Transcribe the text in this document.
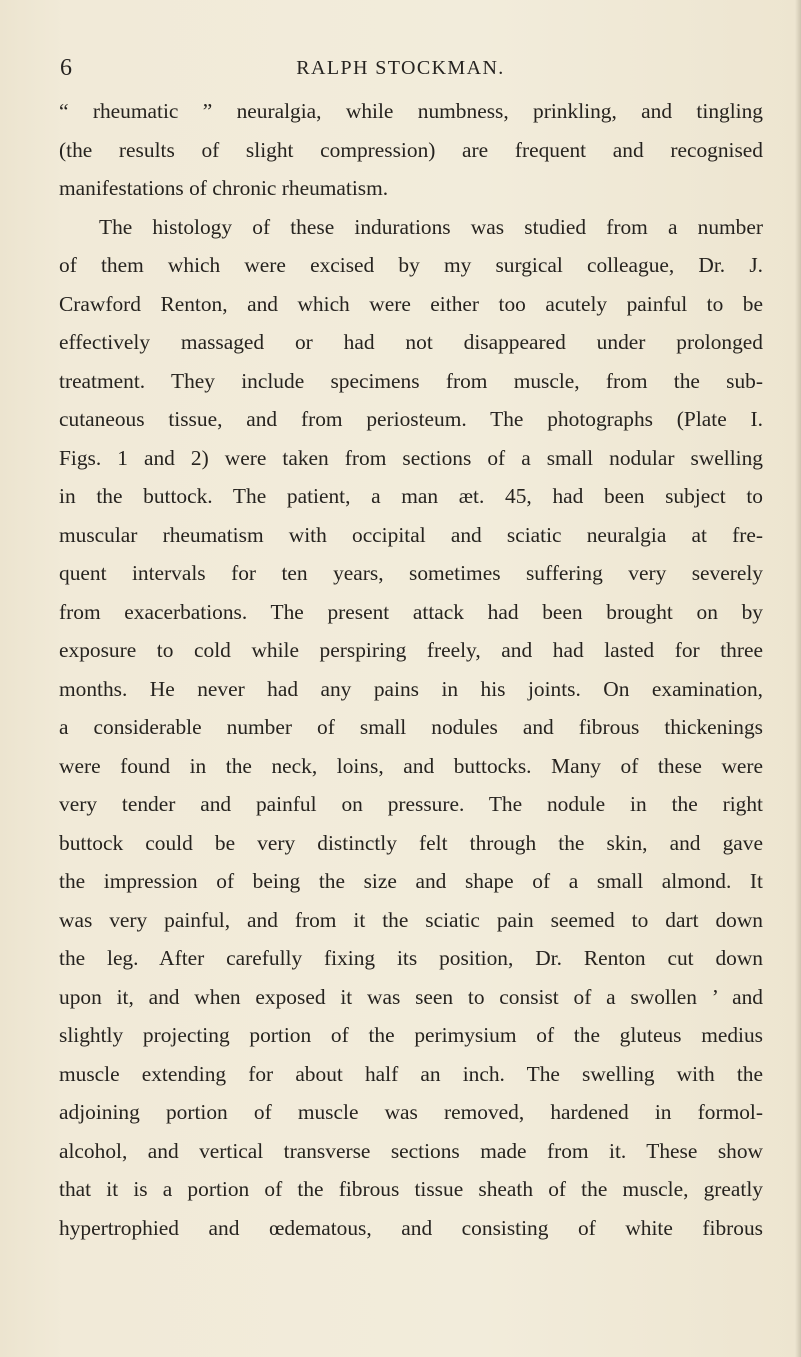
6	RALPH STOCKMAN.
“ rheumatic ” neuralgia, while numbness, prinkling, and tingling
(the results of slight compression) are frequent and recognised
manifestations of chronic rheumatism.
The histology of these indurations was studied from a number
of them which were excised by my surgical colleague, Dr. J.
Crawford Renton, and which were either too acutely painful to be
effectively massaged or had not disappeared under prolonged
treatment. They include specimens from muscle, from the sub-
cutaneous tissue, and from periosteum. The photographs (Plate I.
Figs. 1 and 2) were taken from sections of a small nodular swelling
in the buttock. The patient, a man æt. 45, had been subject to
muscular rheumatism with occipital and sciatic neuralgia at fre-
quent intervals for ten years, sometimes suffering very severely
from exacerbations. The present attack had been brought on by
exposure to cold while perspiring freely, and had lasted for three
months. He never had any pains in his joints. On examination,
a considerable number of small nodules and fibrous thickenings
were found in the neck, loins, and buttocks. Many of these were
very tender and painful on pressure. The nodule in the right
buttock could be very distinctly felt through the skin, and gave
the impression of being the size and shape of a small almond. It
was very painful, and from it the sciatic pain seemed to dart down
the leg. After carefully fixing its position, Dr. Renton cut down
upon it, and when exposed it was seen to consist of a swollen ’ and
slightly projecting portion of the perimysium of the gluteus medius
muscle extending for about half an inch. The swelling with the
adjoining portion of muscle was removed, hardened in formol-
alcohol, and vertical transverse sections made from it. These show
that it is a portion of the fibrous tissue sheath of the muscle, greatly
hypertrophied and œdematous, and consisting of white fibrous
